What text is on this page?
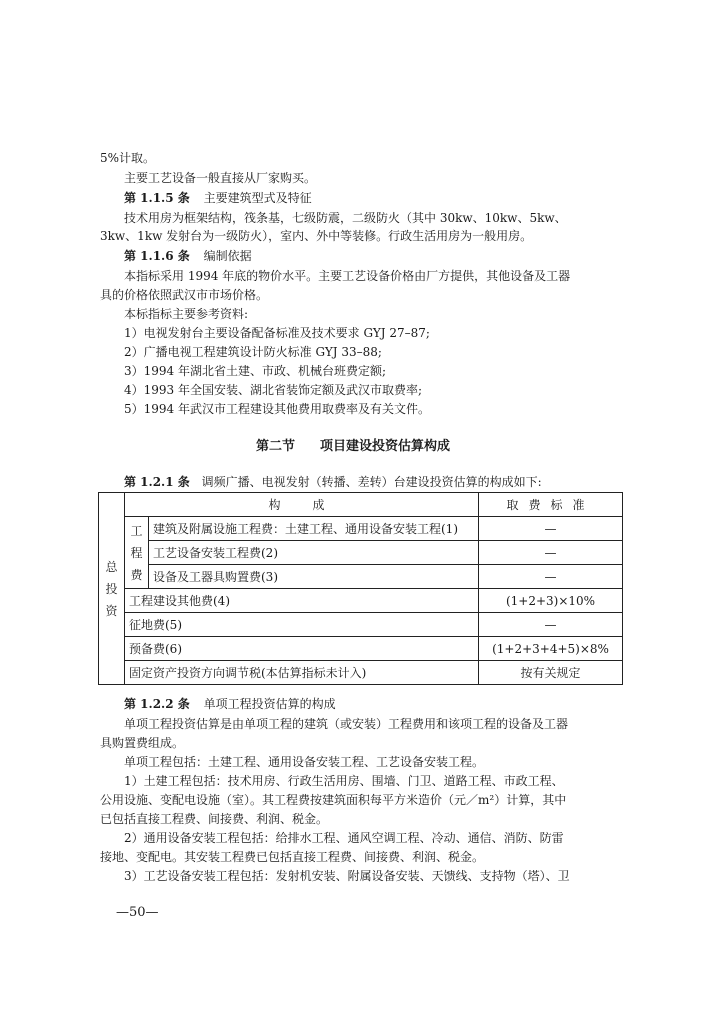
5%计取。
主要工艺设备一般直接从厂家购买。
第 1.1.5 条 主要建筑型式及特征
技术用房为框架结构，筏条基，七级防震，二级防火（其中 30kw、10kw、5kw、
3kw、1kw 发射台为一级防火），室内、外中等装修。行政生活用房为一般用房。
第 1.1.6 条 编制依据
本指标采用 1994 年底的物价水平。主要工艺设备价格由厂方提供，其他设备及工器
具的价格依照武汉市市场价格。
本标指标主要参考资料:
1）电视发射台主要设备配备标准及技术要求 GYJ 27–87;
2）广播电视工程建筑设计防火标准 GYJ 33–88;
3）1994 年湖北省土建、市政、机械台班费定额;
4）1993 年全国安装、湖北省装饰定额及武汉市取费率;
5）1994 年武汉市工程建设其他费用取费率及有关文件。
第二节 项目建设投资估算构成
第 1.2.1 条 调频广播、电视发射（转播、差转）台建设投资估算的构成如下:
总
投
资	构　成		取费标准
	工
程
费	建筑及附属设施工程费：土建工程、通用设备安装工程(1)	—
		工艺设备安装工程费(2)	—
		设备及工器具购置费(3)	—
	工程建设其他费(4)		(1+2+3)×10%
	征地费(5)		—
	预备费(6)		(1+2+3+4+5)×8%
	固定资产投资方向调节税(本估算指标未计入)		按有关规定
第 1.2.2 条 单项工程投资估算的构成
单项工程投资估算是由单项工程的建筑（或安装）工程费用和该项工程的设备及工器
具购置费组成。
单项工程包括：土建工程、通用设备安装工程、工艺设备安装工程。
1）土建工程包括：技术用房、行政生活用房、围墙、门卫、道路工程、市政工程、
公用设施、变配电设施（室）。其工程费按建筑面积每平方米造价（元／m²）计算，其中
已包括直接工程费、间接费、利润、税金。
2）通用设备安装工程包括：给排水工程、通风空调工程、冷动、通信、消防、防雷
接地、变配电。其安装工程费已包括直接工程费、间接费、利润、税金。
3）工艺设备安装工程包括：发射机安装、附属设备安装、天馈线、支持物（塔）、卫
—50—
